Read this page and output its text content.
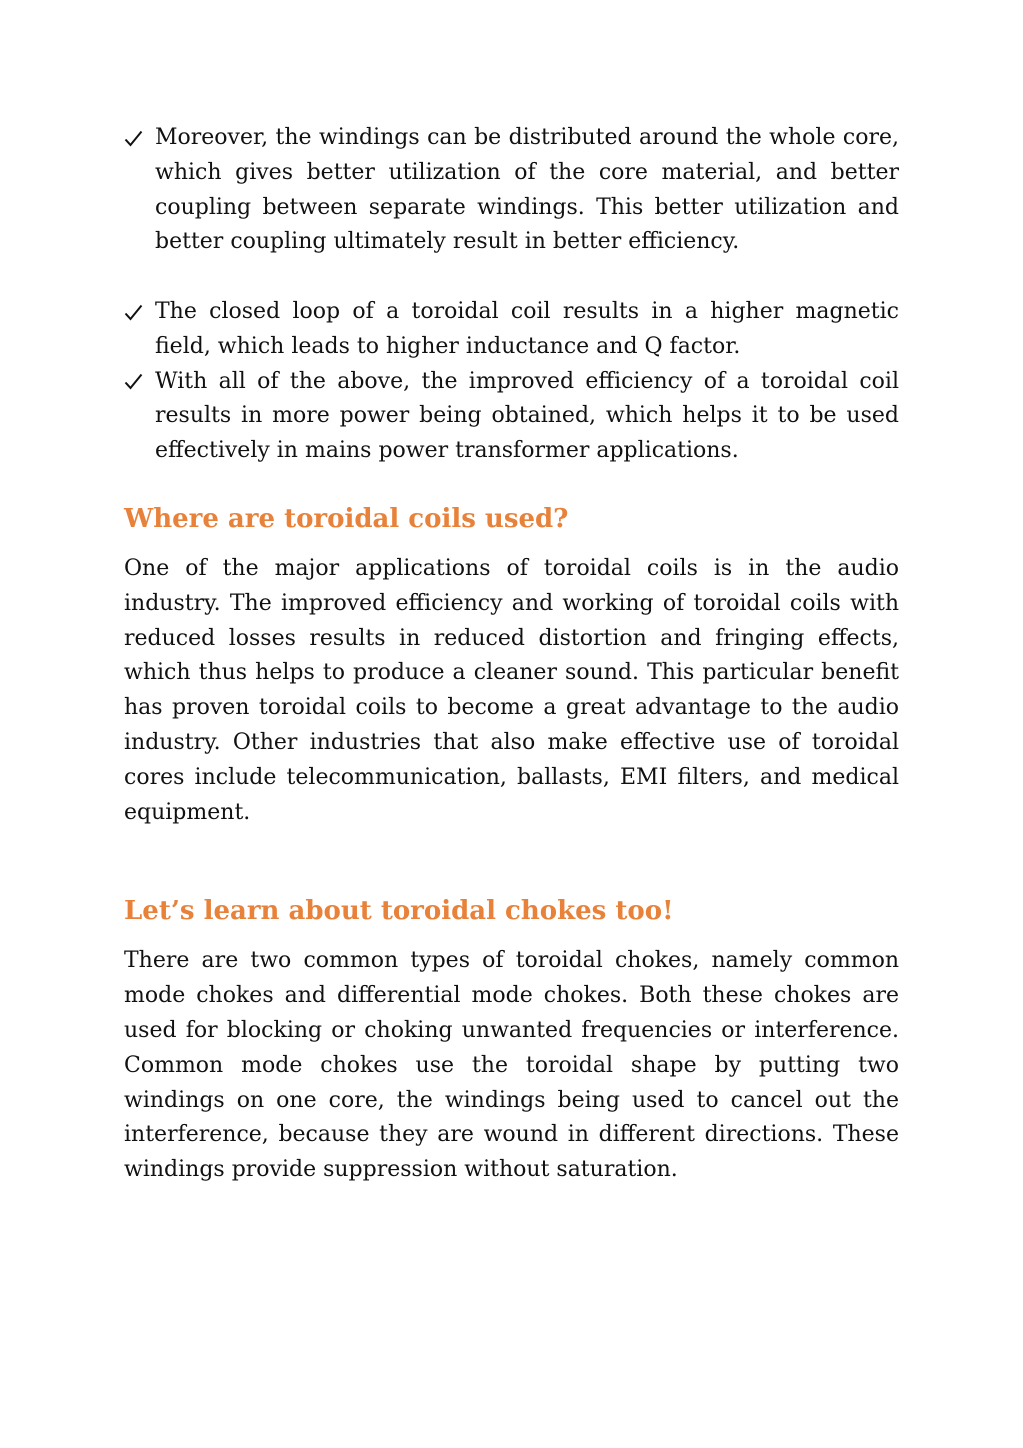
Moreover, the windings can be distributed around the whole core, which gives better utilization of the core material, and better coupling between separate windings. This better utilization and better coupling ultimately result in better efficiency.
The closed loop of a toroidal coil results in a higher magnetic field, which leads to higher inductance and Q factor.
With all of the above, the improved efficiency of a toroidal coil results in more power being obtained, which helps it to be used effectively in mains power transformer applications.
Where are toroidal coils used?

One of the major applications of toroidal coils is in the audio industry. The improved efficiency and working of toroidal coils with reduced losses results in reduced distortion and fringing effects, which thus helps to produce a cleaner sound. This particular benefit has proven toroidal coils to become a great advantage to the audio industry. Other industries that also make effective use of toroidal cores include telecommunication, ballasts, EMI filters, and medical equipment.

Let’s learn about toroidal chokes too!

There are two common types of toroidal chokes, namely common mode chokes and differential mode chokes. Both these chokes are used for blocking or choking unwanted frequencies or interference. Common mode chokes use the toroidal shape by putting two windings on one core, the windings being used to cancel out the interference, because they are wound in different directions. These windings provide suppression without saturation.
